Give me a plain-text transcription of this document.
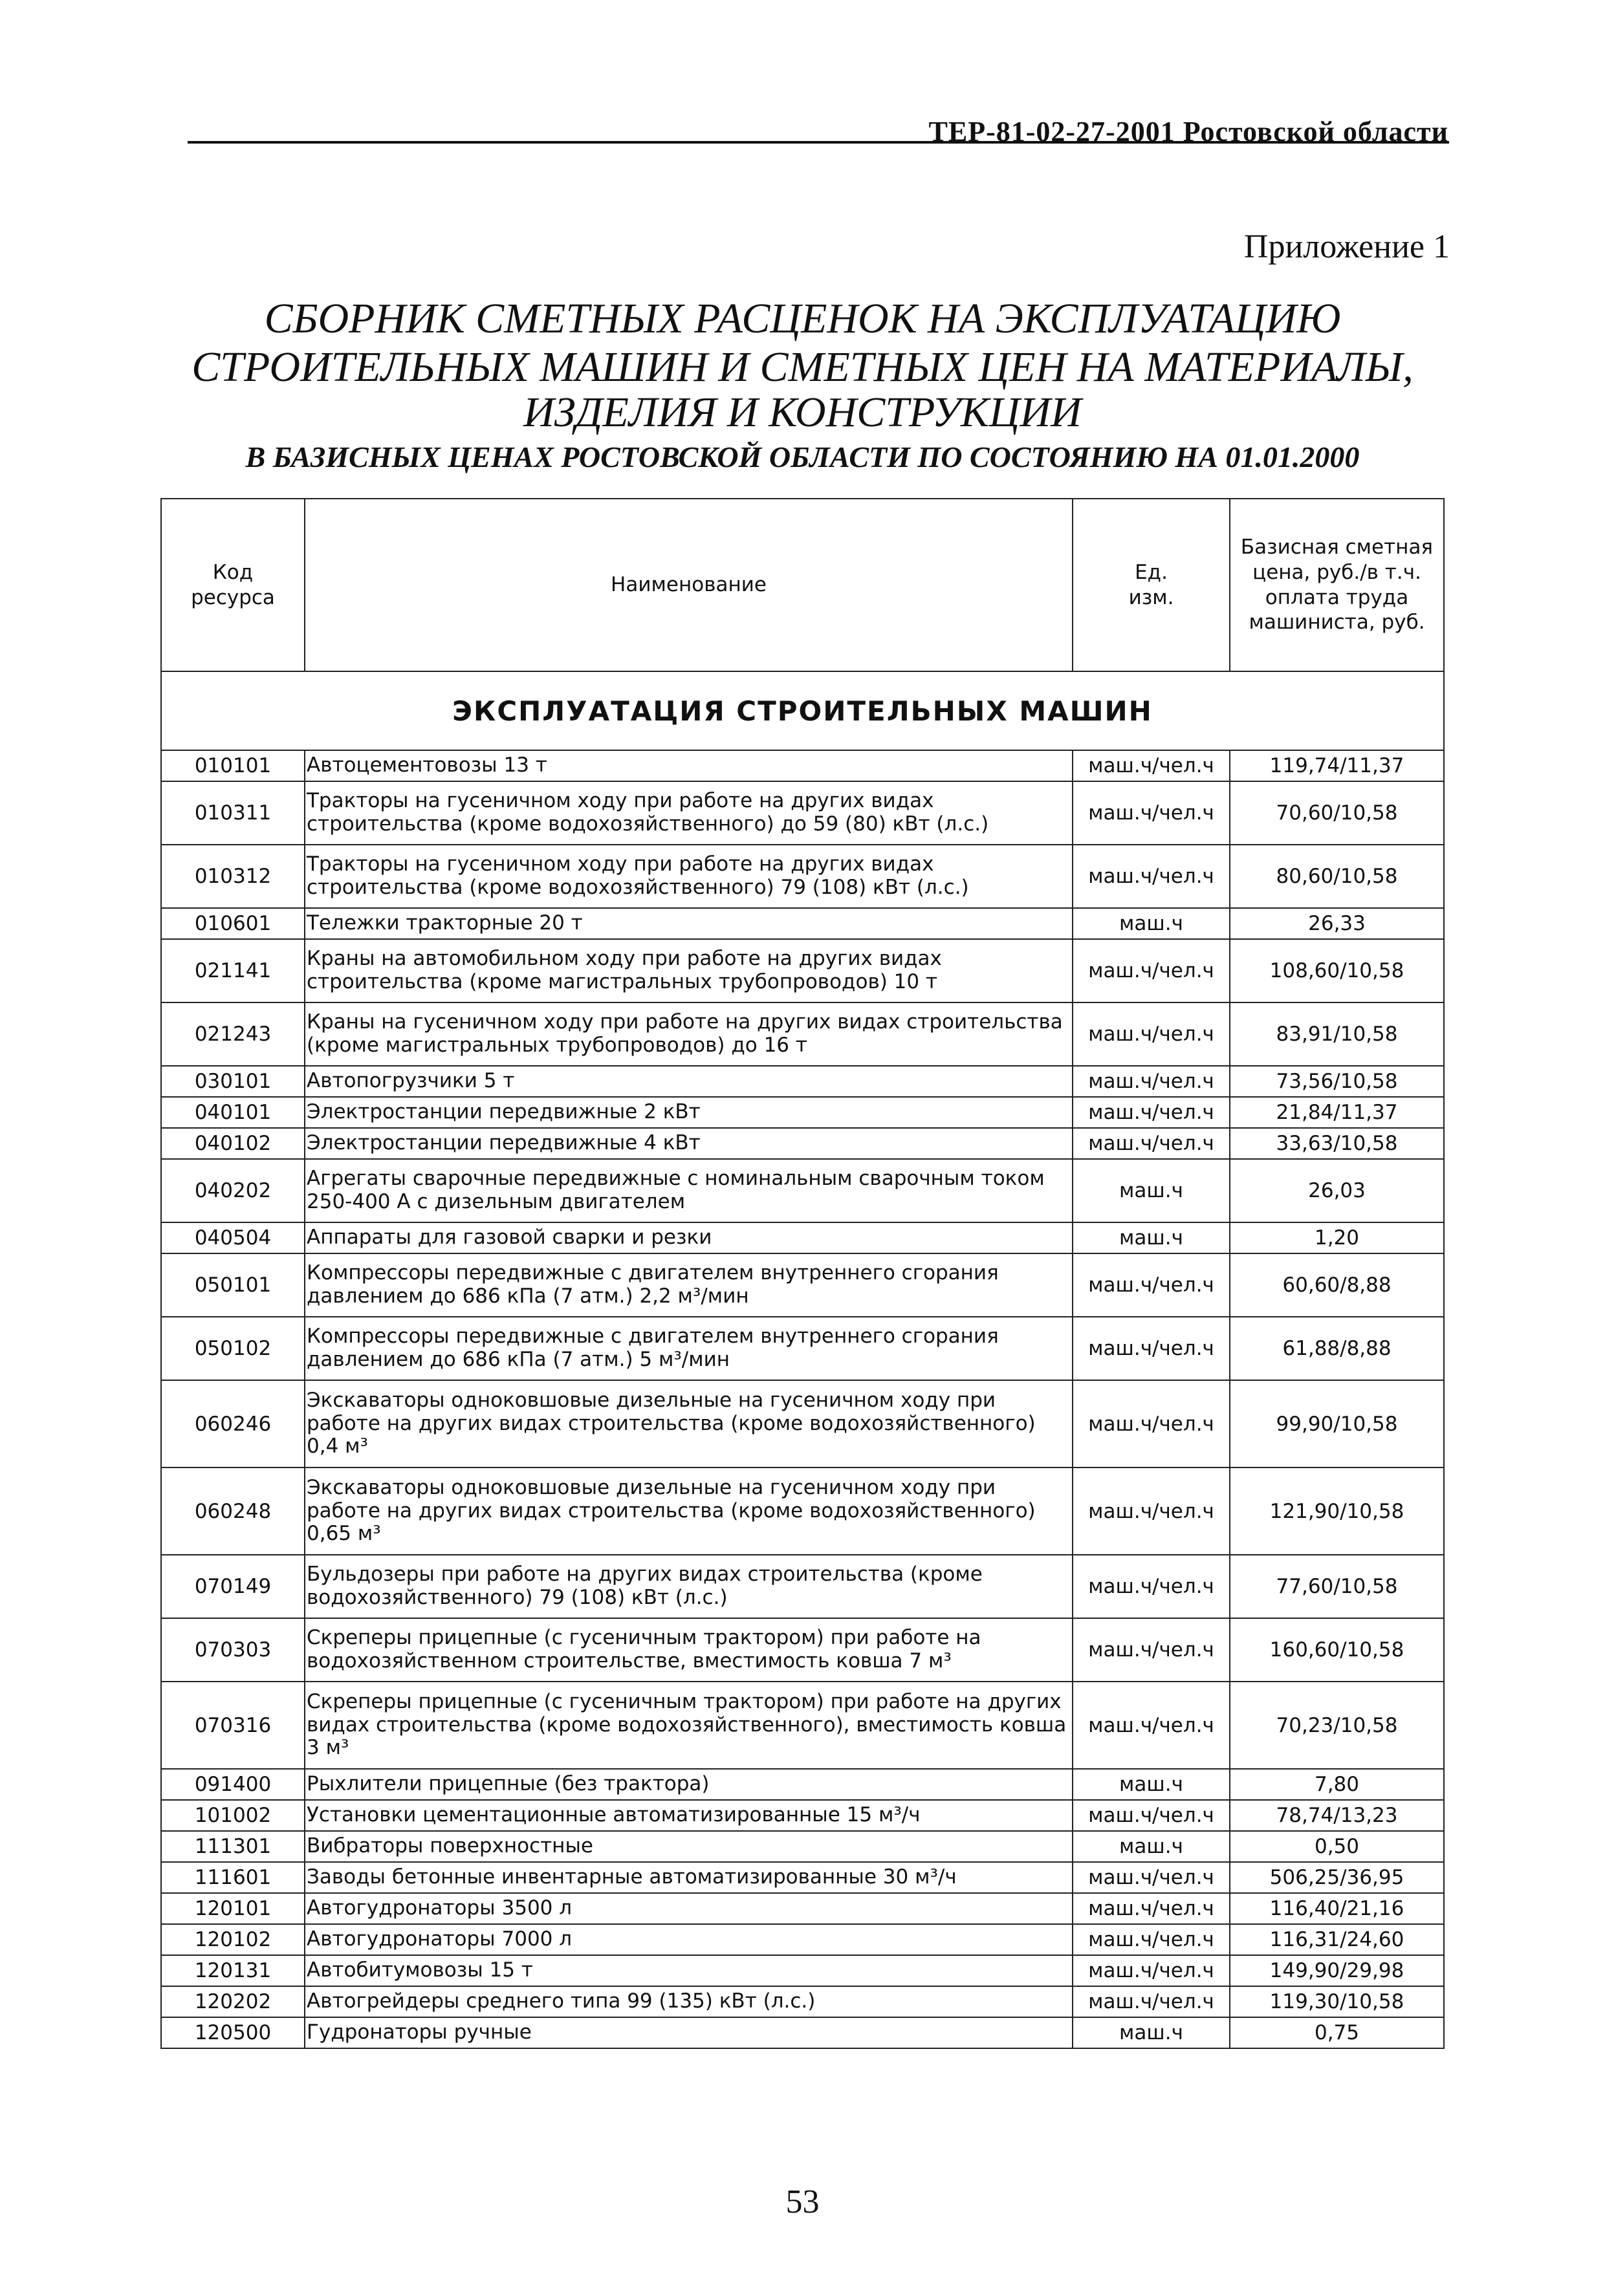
ТЕР-81-02-27-2001 Ростовской области
Приложение 1
СБОРНИК СМЕТНЫХ РАСЦЕНОК НА ЭКСПЛУАТАЦИЮ
СТРОИТЕЛЬНЫХ МАШИН И СМЕТНЫХ ЦЕН НА МАТЕРИАЛЫ,
ИЗДЕЛИЯ И КОНСТРУКЦИИ
В БАЗИСНЫХ ЦЕНАХ РОСТОВСКОЙ ОБЛАСТИ ПО СОСТОЯНИЮ НА 01.01.2000
Код ресурса	Наименование	Ед. изм.	Базисная сметная цена, руб./в т.ч. оплата труда машиниста, руб.
ЭКСПЛУАТАЦИЯ СТРОИТЕЛЬНЫХ МАШИН			
010101	Автоцементовозы 13 т	маш.ч/чел.ч	119,74/11,37
010311	Тракторы на гусеничном ходу при работе на других видах строительства (кроме водохозяйственного) до 59 (80) кВт (л.с.)	маш.ч/чел.ч	70,60/10,58
010312	Тракторы на гусеничном ходу при работе на других видах строительства (кроме водохозяйственного) 79 (108) кВт (л.с.)	маш.ч/чел.ч	80,60/10,58
010601	Тележки тракторные 20 т	маш.ч	26,33
021141	Краны на автомобильном ходу при работе на других видах строительства (кроме магистральных трубопроводов) 10 т	маш.ч/чел.ч	108,60/10,58
021243	Краны на гусеничном ходу при работе на других видах строительства (кроме магистральных трубопроводов) до 16 т	маш.ч/чел.ч	83,91/10,58
030101	Автопогрузчики 5 т	маш.ч/чел.ч	73,56/10,58
040101	Электростанции передвижные 2 кВт	маш.ч/чел.ч	21,84/11,37
040102	Электростанции передвижные 4 кВт	маш.ч/чел.ч	33,63/10,58
040202	Агрегаты сварочные передвижные с номинальным сварочным током 250-400 А с дизельным двигателем	маш.ч	26,03
040504	Аппараты для газовой сварки и резки	маш.ч	1,20
050101	Компрессоры передвижные с двигателем внутреннего сгорания давлением до 686 кПа (7 атм.) 2,2 м³/мин	маш.ч/чел.ч	60,60/8,88
050102	Компрессоры передвижные с двигателем внутреннего сгорания давлением до 686 кПа (7 атм.) 5 м³/мин	маш.ч/чел.ч	61,88/8,88
060246	Экскаваторы одноковшовые дизельные на гусеничном ходу при работе на других видах строительства (кроме водохозяйственного) 0,4 м³	маш.ч/чел.ч	99,90/10,58
060248	Экскаваторы одноковшовые дизельные на гусеничном ходу при работе на других видах строительства (кроме водохозяйственного) 0,65 м³	маш.ч/чел.ч	121,90/10,58
070149	Бульдозеры при работе на других видах строительства (кроме водохозяйственного) 79 (108) кВт (л.с.)	маш.ч/чел.ч	77,60/10,58
070303	Скреперы прицепные (с гусеничным трактором) при работе на водохозяйственном строительстве, вместимость ковша 7 м³	маш.ч/чел.ч	160,60/10,58
070316	Скреперы прицепные (с гусеничным трактором) при работе на других видах строительства (кроме водохозяйственного), вместимость ковша 3 м³	маш.ч/чел.ч	70,23/10,58
091400	Рыхлители прицепные (без трактора)	маш.ч	7,80
101002	Установки цементационные автоматизированные 15 м³/ч	маш.ч/чел.ч	78,74/13,23
111301	Вибраторы поверхностные	маш.ч	0,50
111601	Заводы бетонные инвентарные автоматизированные 30 м³/ч	маш.ч/чел.ч	506,25/36,95
120101	Автогудронаторы 3500 л	маш.ч/чел.ч	116,40/21,16
120102	Автогудронаторы 7000 л	маш.ч/чел.ч	116,31/24,60
120131	Автобитумовозы 15 т	маш.ч/чел.ч	149,90/29,98
120202	Автогрейдеры среднего типа 99 (135) кВт (л.с.)	маш.ч/чел.ч	119,30/10,58
120500	Гудронаторы ручные	маш.ч	0,75
53
